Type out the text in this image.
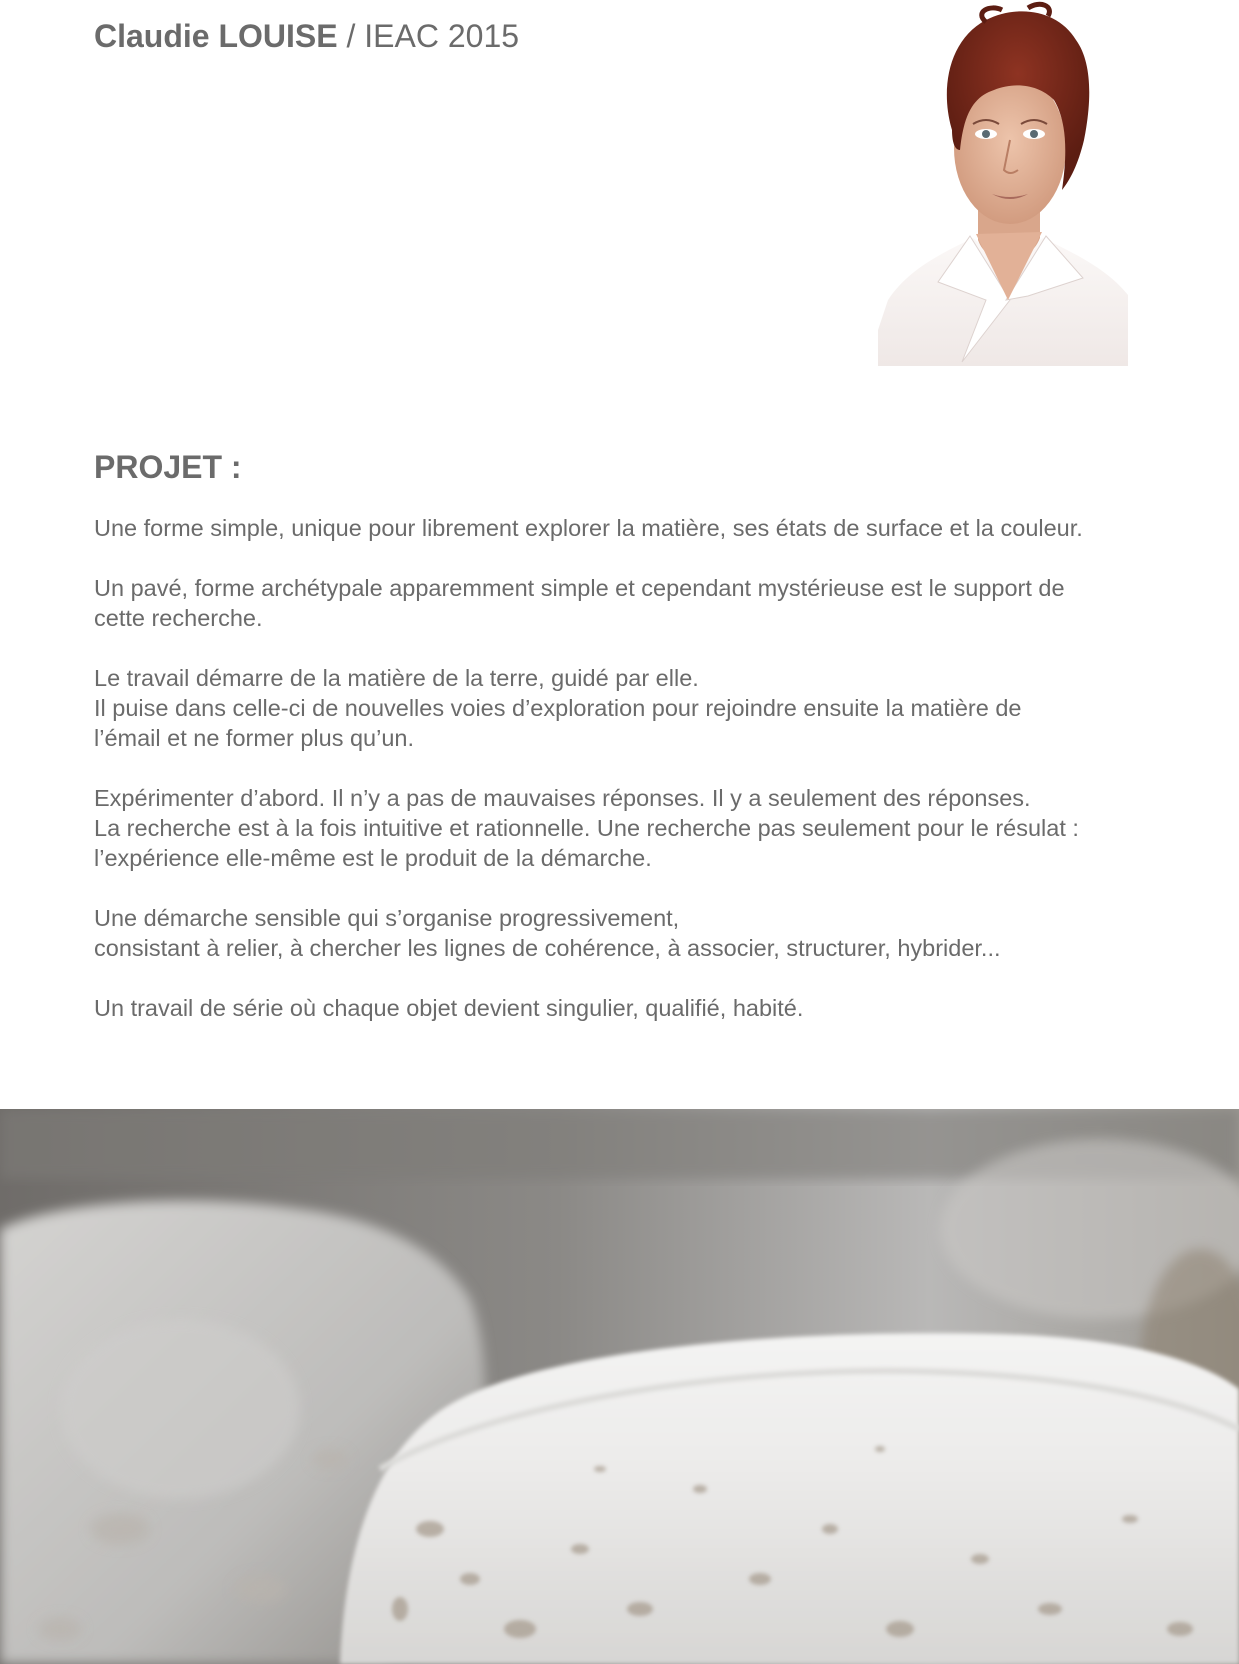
Claudie LOUISE / IEAC 2015
PROJET :

Une forme simple, unique pour librement explorer la matière, ses états de surface et la couleur.

Un pavé, forme archétypale apparemment simple et cependant mystérieuse est le support de
cette recherche.

Le travail démarre de la matière de la terre, guidé par elle.
Il puise dans celle-ci de nouvelles voies d’exploration pour rejoindre ensuite la matière de
l’émail et ne former plus qu’un.

Expérimenter d’abord. Il n’y a pas de mauvaises réponses. Il y a seulement des réponses.
La recherche est à la fois intuitive et rationnelle. Une recherche pas seulement pour le résulat :
l’expérience elle-même est le produit de la démarche.

Une démarche sensible qui s’organise progressivement,
consistant à relier, à chercher les lignes de cohérence, à associer, structurer, hybrider...

Un travail de série où chaque objet devient singulier, qualifié, habité.
